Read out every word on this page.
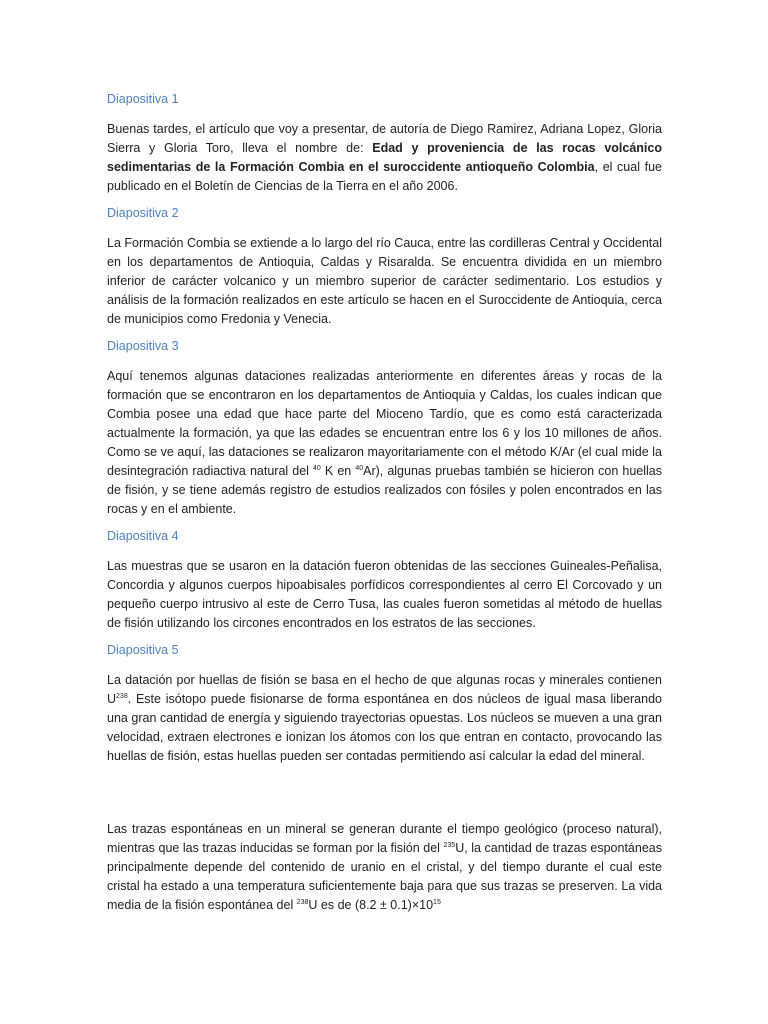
Diapositiva 1

Buenas tardes, el artículo que voy a presentar, de autoría de Diego Ramirez, Adriana Lopez, Gloria Sierra y Gloria Toro, lleva el nombre de: Edad y proveniencia de las rocas volcánico sedimentarias de la Formación Combia en el suroccidente antioqueño Colombia, el cual fue publicado en el Boletín de Ciencias de la Tierra en el año 2006.

Diapositiva 2

La Formación Combia se extiende a lo largo del río Cauca, entre las cordilleras Central y Occidental en los departamentos de Antioquia, Caldas y Risaralda. Se encuentra dividida en un miembro inferior de carácter volcanico y un miembro superior de carácter sedimentario. Los estudios y análisis de la formación realizados en este artículo se hacen en el Suroccidente de Antioquia, cerca de municipios como Fredonia y Venecia.

Diapositiva 3

Aquí tenemos algunas dataciones realizadas anteriormente en diferentes áreas y rocas de la formación que se encontraron en los departamentos de Antioquia y Caldas, los cuales indican que Combia posee una edad que hace parte del Mioceno Tardío, que es como está caracterizada actualmente la formación, ya que las edades se encuentran entre los 6 y los 10 millones de años. Como se ve aquí, las dataciones se realizaron mayoritariamente con el método K/Ar (el cual mide la desintegración radiactiva natural del $^{40}$ K en $^{40}$Ar), algunas pruebas también se hicieron con huellas de fisión, y se tiene además registro de estudios realizados con fósiles y polen encontrados en las rocas y en el ambiente.

Diapositiva 4

Las muestras que se usaron en la datación fueron obtenidas de las secciones Guineales-Peñalisa, Concordia y algunos cuerpos hipoabisales porfídicos correspondientes al cerro El Corcovado y un pequeño cuerpo intrusivo al este de Cerro Tusa, las cuales fueron sometidas al método de huellas de fisión utilizando los circones encontrados en los estratos de las secciones.

Diapositiva 5

La datación por huellas de fisión se basa en el hecho de que algunas rocas y minerales contienen $U^{238}$. Este isótopo puede fisionarse de forma espontánea en dos núcleos de igual masa liberando una gran cantidad de energía y siguiendo trayectorias opuestas. Los núcleos se mueven a una gran velocidad, extraen electrones e ionizan los átomos con los que entran en contacto, provocando las huellas de fisión, estas huellas pueden ser contadas permitiendo así calcular la edad del mineral.

Las trazas espontáneas en un mineral se generan durante el tiempo geológico (proceso natural), mientras que las trazas inducidas se forman por la fisión del $^{235}$U, la cantidad de trazas espontáneas principalmente depende del contenido de uranio en el cristal, y del tiempo durante el cual este cristal ha estado a una temperatura suficientemente baja para que sus trazas se preserven. La vida media de la fisión espontánea del $^{238}$U es de $(8.2 \pm 0.1)\times 10^{15}$
